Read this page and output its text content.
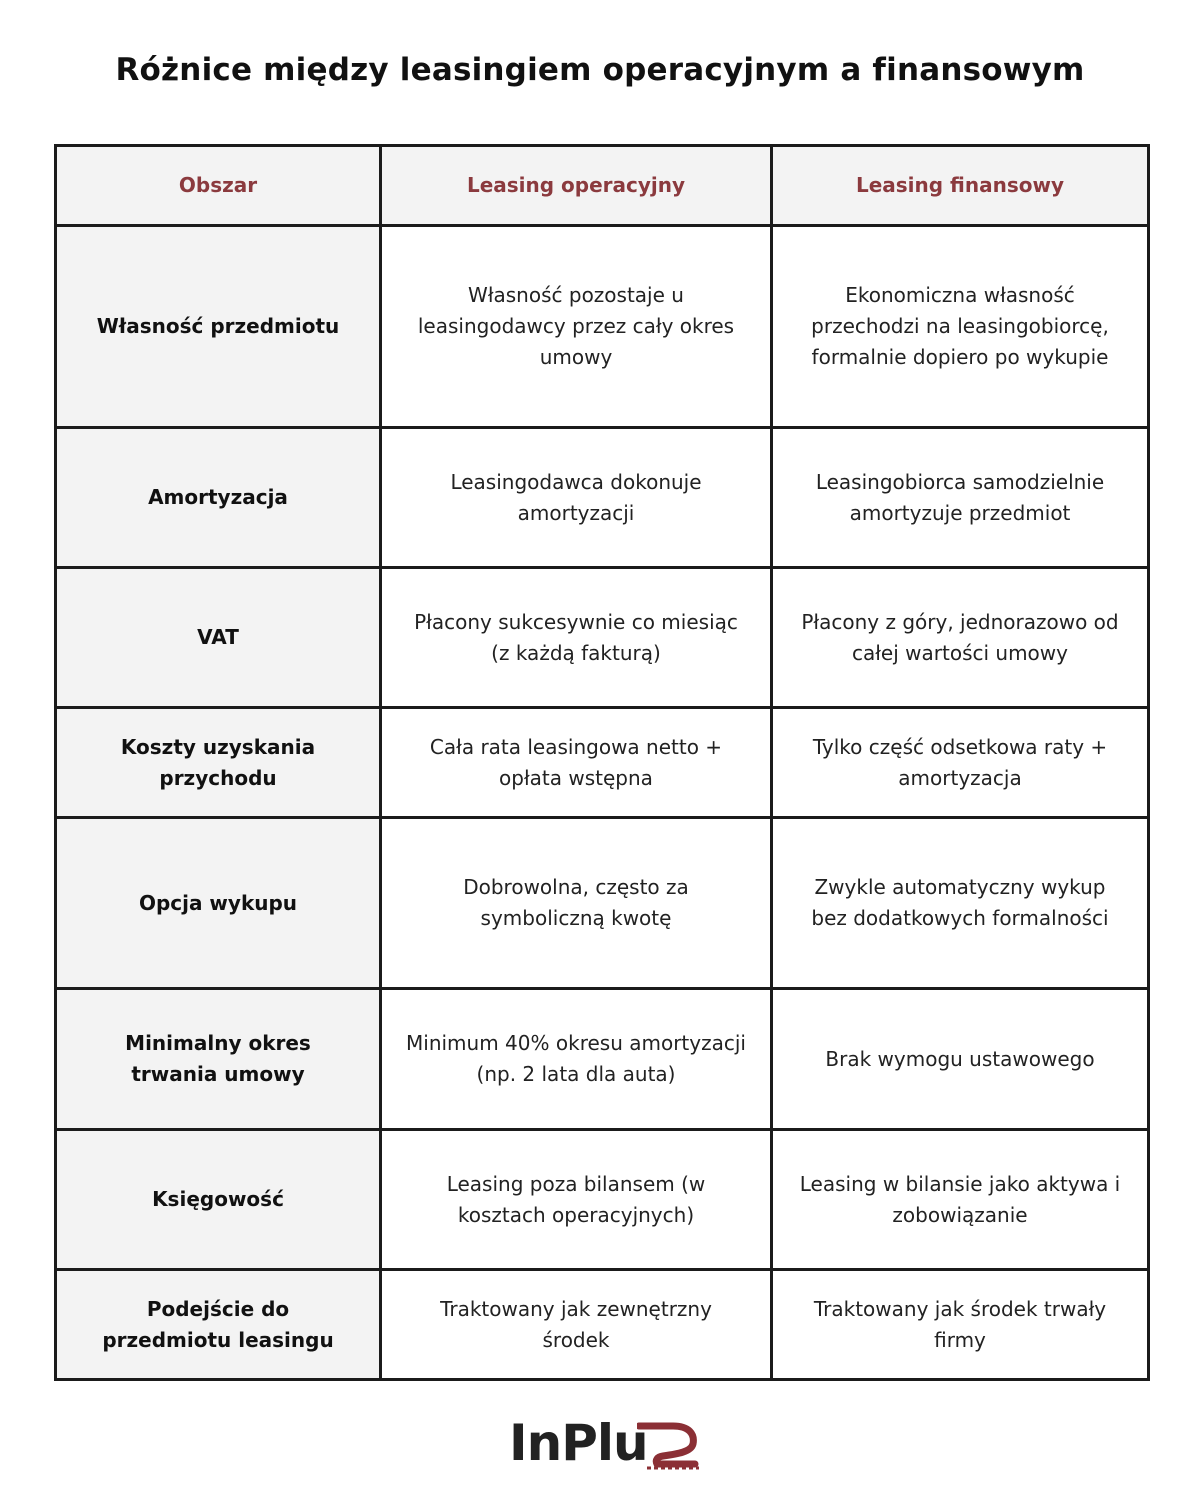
Różnice między leasingiem operacyjnym a finansowym
Obszar	Leasing operacyjny	Leasing finansowy
Własność przedmiotu	Własność pozostaje u leasingodawcy przez cały okres umowy	Ekonomiczna własność przechodzi na leasingobiorcę, formalnie dopiero po wykupie
Amortyzacja	Leasingodawca dokonuje amortyzacji	Leasingobiorca samodzielnie amortyzuje przedmiot
VAT	Płacony sukcesywnie co miesiąc (z każdą fakturą)	Płacony z góry, jednorazowo od całej wartości umowy
Koszty uzyskania przychodu	Cała rata leasingowa netto + opłata wstępna	Tylko część odsetkowa raty + amortyzacja
Opcja wykupu	Dobrowolna, często za symboliczną kwotę	Zwykle automatyczny wykup bez dodatkowych formalności
Minimalny okres trwania umowy	Minimum 40% okresu amortyzacji (np. 2 lata dla auta)	Brak wymogu ustawowego
Księgowość	Leasing poza bilansem (w kosztach operacyjnych)	Leasing w bilansie jako aktywa i zobowiązanie
Podejście do przedmiotu leasingu	Traktowany jak zewnętrzny środek	Traktowany jak środek trwały firmy
InPlu
